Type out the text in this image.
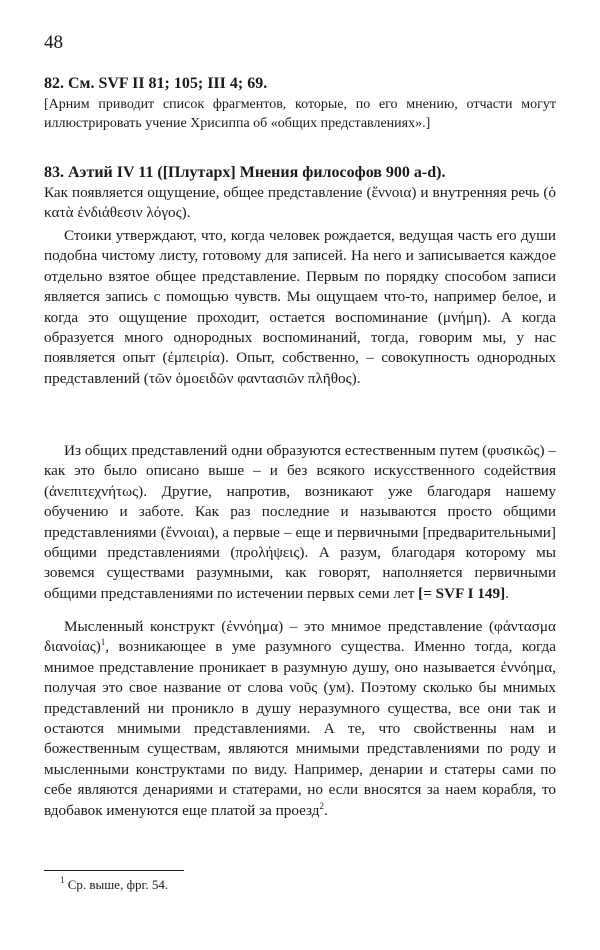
48

82. См. SVF II 81; 105; III 4; 69.

[Арним приводит список фрагментов, которые, по его мнению, отчасти могут иллюстрировать учение Хрисиппа об «общих представлениях».]

83. Аэтий IV 11 ([Плутарх] Мнения философов 900 a-d).

Как появляется ощущение, общее представление (ἔννοια) и внутренняя речь (ὁ κατὰ ἐνδιάθεσιν λόγος).

Стоики утверждают, что, когда человек рождается, ведущая часть его души подобна чистому листу, готовому для записей. На него и записывается каждое отдельно взятое общее представление. Первым по порядку способом записи является запись с помощью чувств. Мы ощущаем что-то, например белое, и когда это ощущение проходит, остается воспоминание (μνήμη). А когда образуется много однородных воспоминаний, тогда, говорим мы, у нас появляется опыт (ἐμπειρία). Опыт, собственно, – совокупность однородных представлений (τῶν ὁμοειδῶν φαντασιῶν πλῆθος).

Из общих представлений одни образуются естественным путем (φυσικῶς) – как это было описано выше – и без всякого искусственного содействия (ἀνεπιτεχνήτως). Другие, напротив, возникают уже благодаря нашему обучению и заботе. Как раз последние и называются просто общими представлениями (ἔννοιαι), а первые – еще и первичными [предварительными] общими представлениями (προλήψεις). А разум, благодаря которому мы зовемся существами разумными, как говорят, наполняется первичными общими представлениями по истечении первых семи лет [= SVF I 149].

Мысленный конструкт (ἐννόημα) – это мнимое представление (φάντασμα διανοίας)$^1$, возникающее в уме разумного существа. Именно тогда, когда мнимое представление проникает в разумную душу, оно называется ἐννόημα, получая это свое название от слова νοῦς (ум). Поэтому сколько бы мнимых представлений ни проникло в душу неразумного существа, все они так и остаются мнимыми представлениями. А те, что свойственны нам и божественным существам, являются мнимыми представлениями по роду и мысленными конструктами по виду. Например, денарии и статеры сами по себе являются денариями и статерами, но если вносятся за наем корабля, то вдобавок именуются еще платой за проезд$^2$.

$^1$ Ср. выше, фрг. 54.
